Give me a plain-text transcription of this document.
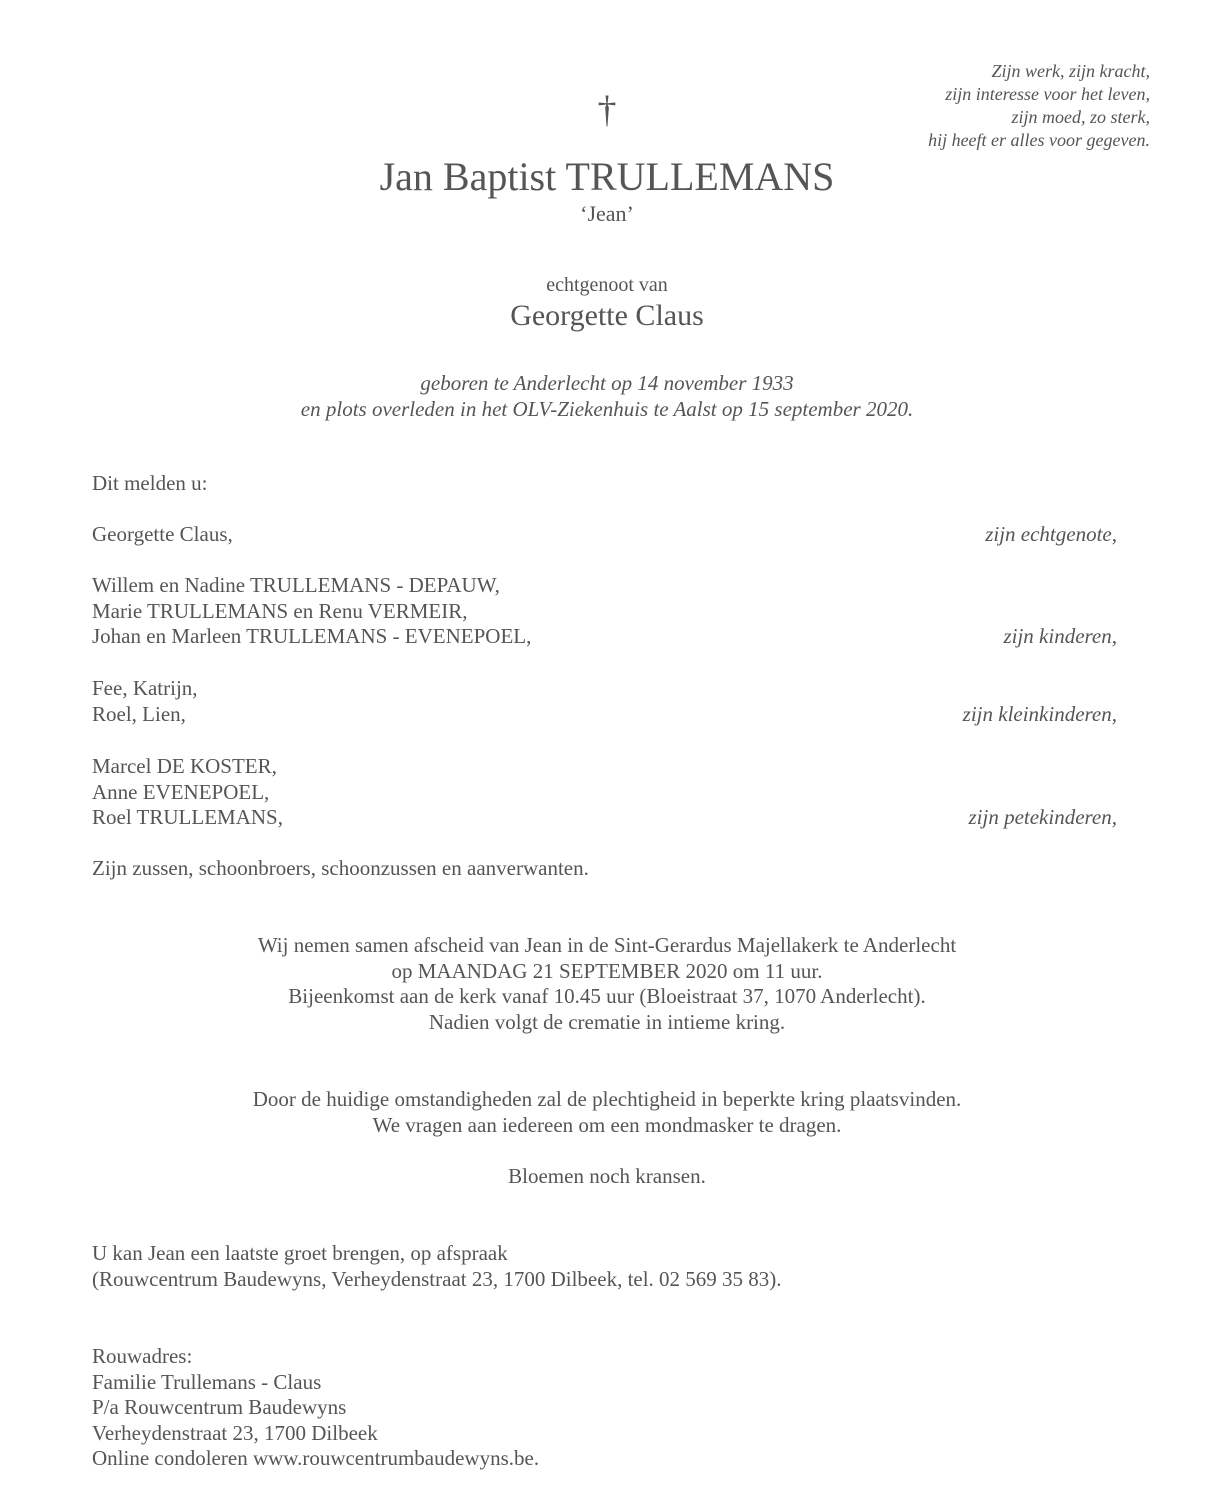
Zijn werk, zijn kracht,
zijn interesse voor het leven,
zijn moed, zo sterk,
hij heeft er alles voor gegeven.
†
Jan Baptist TRULLEMANS
‘Jean’
echtgenoot van
Georgette Claus
geboren te Anderlecht op 14 november 1933
en plots overleden in het OLV-Ziekenhuis te Aalst op 15 september 2020.
Dit melden u:
Georgette Claus,	zijn echtgenote,
Willem en Nadine TRULLEMANS - DEPAUW,
Marie TRULLEMANS en Renu VERMEIR,
Johan en Marleen TRULLEMANS - EVENEPOEL,	zijn kinderen,
Fee, Katrijn,
Roel, Lien,	zijn kleinkinderen,
Marcel DE KOSTER,
Anne EVENEPOEL,
Roel TRULLEMANS,	zijn petekinderen,
Zijn zussen, schoonbroers, schoonzussen en aanverwanten.
Wij nemen samen afscheid van Jean in de Sint-Gerardus Majellakerk te Anderlecht
op MAANDAG 21 SEPTEMBER 2020 om 11 uur.
Bijeenkomst aan de kerk vanaf 10.45 uur (Bloeistraat 37, 1070 Anderlecht).
Nadien volgt de crematie in intieme kring.
Door de huidige omstandigheden zal de plechtigheid in beperkte kring plaatsvinden.
We vragen aan iedereen om een mondmasker te dragen.
Bloemen noch kransen.
U kan Jean een laatste groet brengen, op afspraak
(Rouwcentrum Baudewyns, Verheydenstraat 23, 1700 Dilbeek, tel. 02 569 35 83).
Rouwadres:
Familie Trullemans - Claus
P/a Rouwcentrum Baudewyns
Verheydenstraat 23, 1700 Dilbeek
Online condoleren www.rouwcentrumbaudewyns.be.
